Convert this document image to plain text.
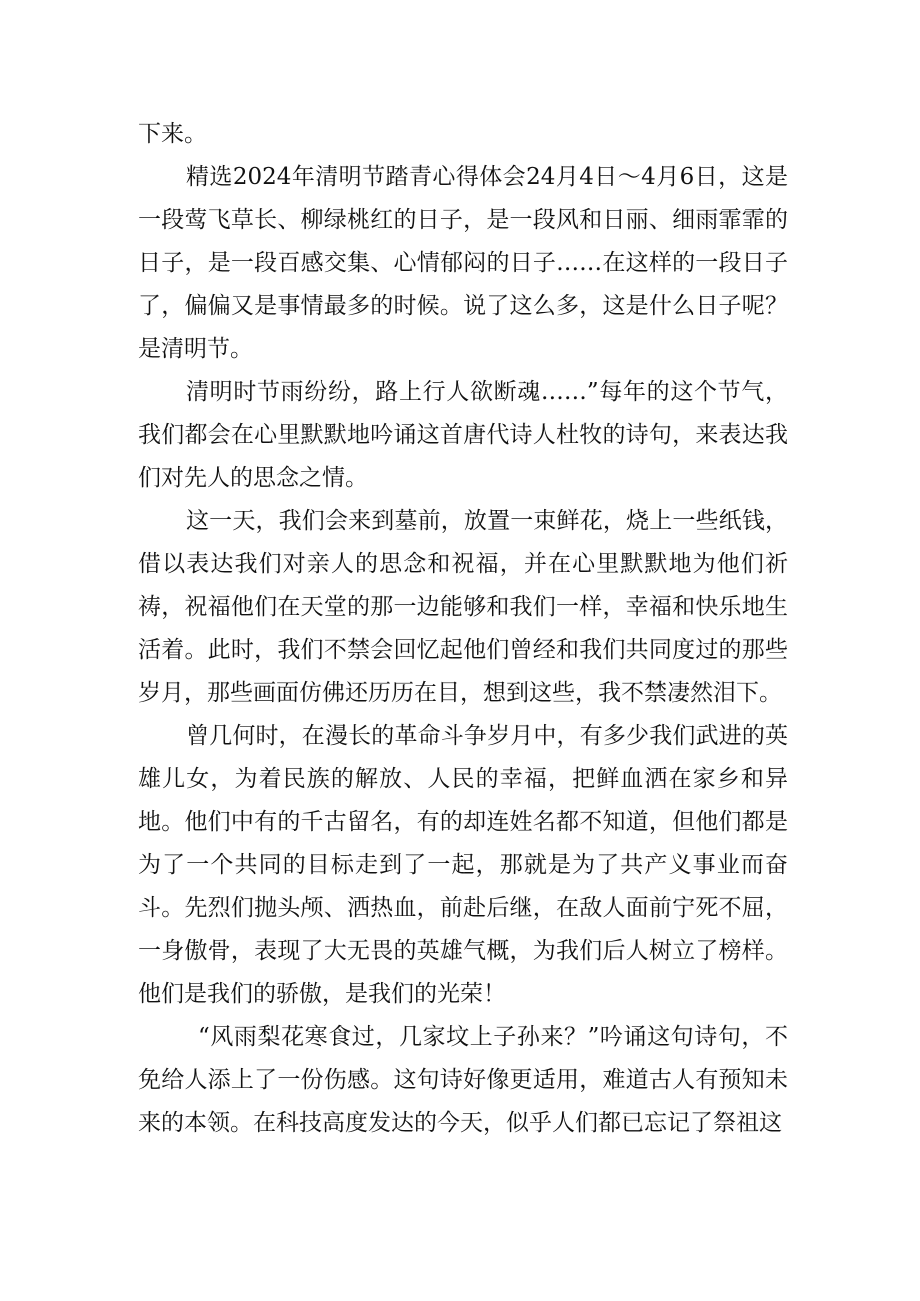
下来。

精选2024年清明节踏青心得体会24月4日～4月6日，这是一段莺飞草长、柳绿桃红的日子，是一段风和日丽、细雨霏霏的日子，是一段百感交集、心情郁闷的日子……在这样的一段日子了，偏偏又是事情最多的时候。说了这么多，这是什么日子呢？是清明节。

清明时节雨纷纷，路上行人欲断魂……”每年的这个节气，我们都会在心里默默地吟诵这首唐代诗人杜牧的诗句，来表达我们对先人的思念之情。

这一天，我们会来到墓前，放置一束鲜花，烧上一些纸钱，借以表达我们对亲人的思念和祝福，并在心里默默地为他们祈祷，祝福他们在天堂的那一边能够和我们一样，幸福和快乐地生活着。此时，我们不禁会回忆起他们曾经和我们共同度过的那些岁月，那些画面仿佛还历历在目，想到这些，我不禁凄然泪下。

曾几何时，在漫长的革命斗争岁月中，有多少我们武进的英雄儿女，为着民族的解放、人民的幸福，把鲜血洒在家乡和异地。他们中有的千古留名，有的却连姓名都不知道，但他们都是为了一个共同的目标走到了一起，那就是为了共产义事业而奋斗。先烈们抛头颅、洒热血，前赴后继，在敌人面前宁死不屈，一身傲骨，表现了大无畏的英雄气概，为我们后人树立了榜样。他们是我们的骄傲，是我们的光荣！

“风雨梨花寒食过，几家坟上子孙来？”吟诵这句诗句，不免给人添上了一份伤感。这句诗好像更适用，难道古人有预知未来的本领。在科技高度发达的今天，似乎人们都已忘记了祭祖这
